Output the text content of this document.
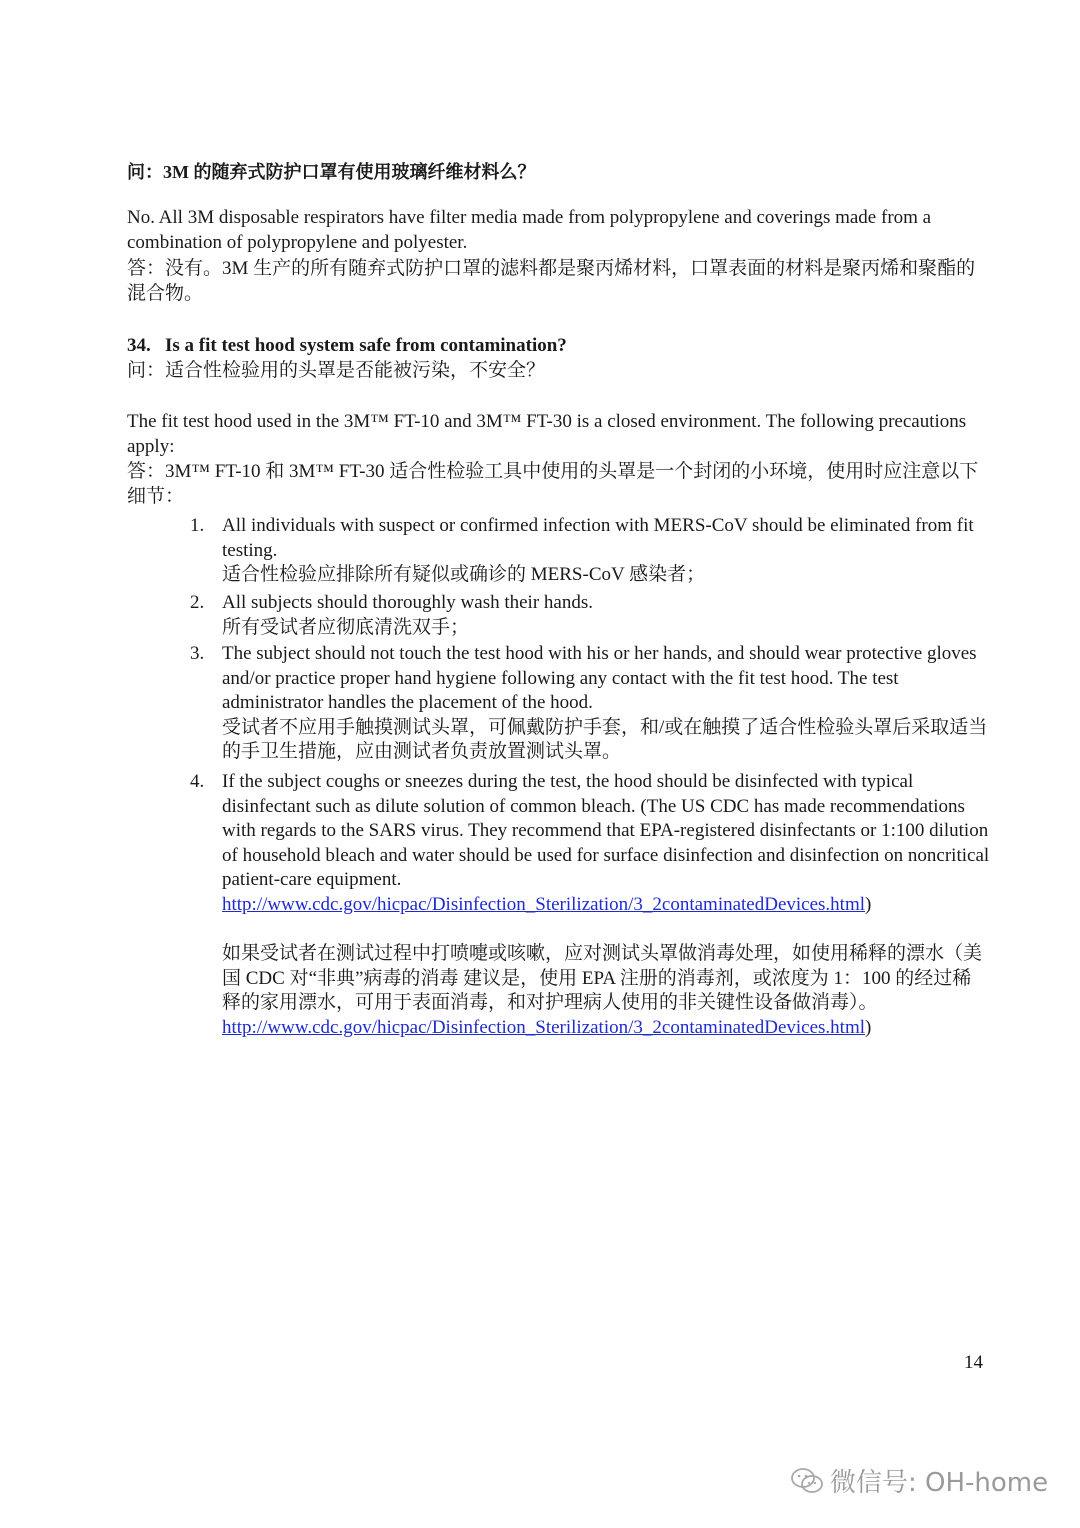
问：3M 的随弃式防护口罩有使用玻璃纤维材料么？
No. All 3M disposable respirators have filter media made from polypropylene and coverings made from a combination of polypropylene and polyester.
答：没有。3M 生产的所有随弃式防护口罩的滤料都是聚丙烯材料，口罩表面的材料是聚丙烯和聚酯的混合物。
34. Is a fit test hood system safe from contamination?
问：适合性检验用的头罩是否能被污染，不安全？
The fit test hood used in the 3M™ FT-10 and 3M™ FT-30 is a closed environment. The following precautions apply:
答：3M™ FT-10 和 3M™ FT-30 适合性检验工具中使用的头罩是一个封闭的小环境，使用时应注意以下细节：
1. All individuals with suspect or confirmed infection with MERS-CoV should be eliminated from fit testing.
适合性检验应排除所有疑似或确诊的 MERS-CoV 感染者；
2. All subjects should thoroughly wash their hands.
所有受试者应彻底清洗双手；
3. The subject should not touch the test hood with his or her hands, and should wear protective gloves and/or practice proper hand hygiene following any contact with the fit test hood. The test administrator handles the placement of the hood.
受试者不应用手触摸测试头罩，可佩戴防护手套，和/或在触摸了适合性检验头罩后采取适当的手卫生措施，应由测试者负责放置测试头罩。
4. If the subject coughs or sneezes during the test, the hood should be disinfected with typical disinfectant such as dilute solution of common bleach. (The US CDC has made recommendations with regards to the SARS virus. They recommend that EPA-registered disinfectants or 1:100 dilution of household bleach and water should be used for surface disinfection and disinfection on noncritical patient-care equipment.
http://www.cdc.gov/hicpac/Disinfection_Sterilization/3_2contaminatedDevices.html)
如果受试者在测试过程中打喷嚏或咳嗽，应对测试头罩做消毒处理，如使用稀释的漂水（美国 CDC 对“非典”病毒的消毒 建议是，使用 EPA 注册的消毒剂，或浓度为 1：100 的经过稀释的家用漂水，可用于表面消毒，和对护理病人使用的非关键性设备做消毒）。
http://www.cdc.gov/hicpac/Disinfection_Sterilization/3_2contaminatedDevices.html)
14
微信号: OH-home
